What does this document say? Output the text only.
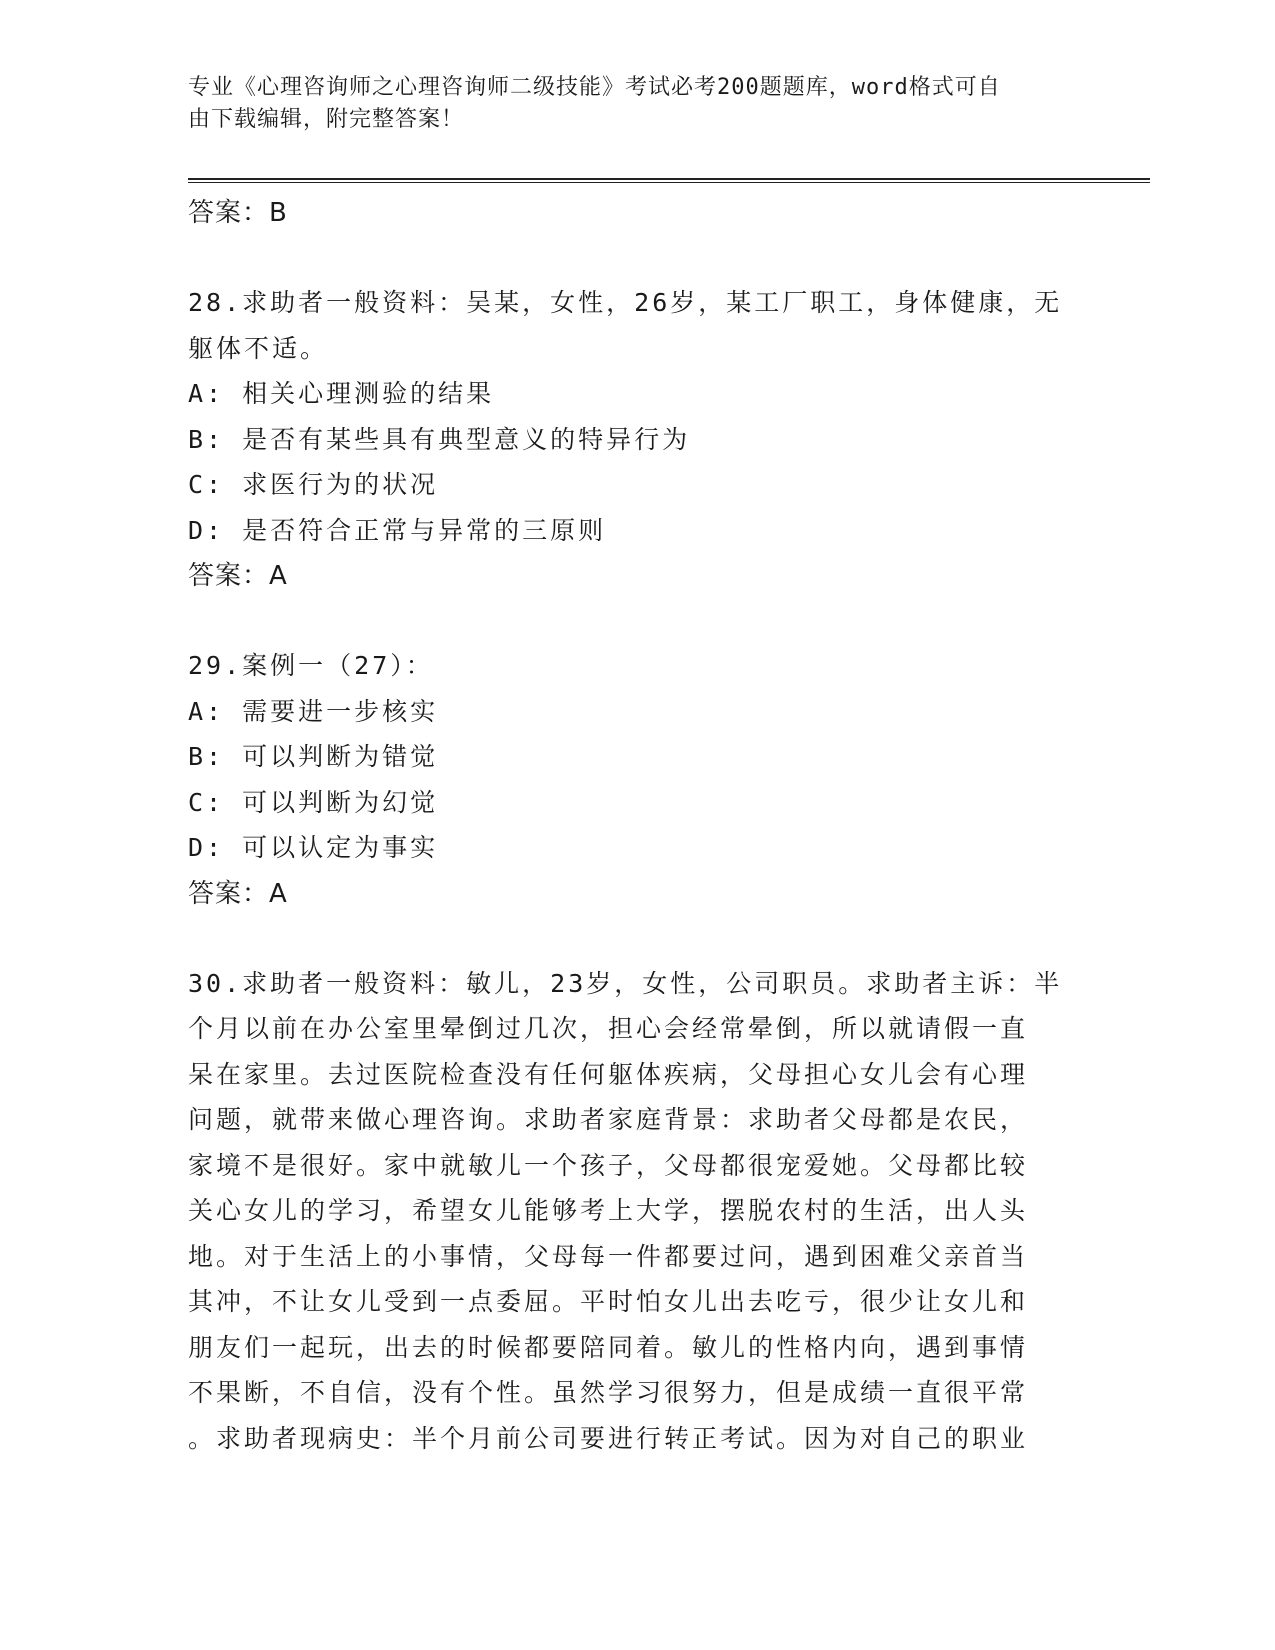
专业《心理咨询师之心理咨询师二级技能》考试必考200题题库，word格式可自
由下载编辑，附完整答案！
答案：B
28.求助者一般资料：吴某，女性，26岁，某工厂职工，身体健康，无
躯体不适。
A: 相关心理测验的结果
B: 是否有某些具有典型意义的特异行为
C: 求医行为的状况
D: 是否符合正常与异常的三原则
答案：A
29.案例一（27）：
A: 需要进一步核实
B: 可以判断为错觉
C: 可以判断为幻觉
D: 可以认定为事实
答案：A
30.求助者一般资料：敏儿，23岁，女性，公司职员。求助者主诉：半
个月以前在办公室里晕倒过几次，担心会经常晕倒，所以就请假一直
呆在家里。去过医院检查没有任何躯体疾病，父母担心女儿会有心理
问题，就带来做心理咨询。求助者家庭背景：求助者父母都是农民，
家境不是很好。家中就敏儿一个孩子，父母都很宠爱她。父母都比较
关心女儿的学习，希望女儿能够考上大学，摆脱农村的生活，出人头
地。对于生活上的小事情，父母每一件都要过问，遇到困难父亲首当
其冲，不让女儿受到一点委屈。平时怕女儿出去吃亏，很少让女儿和
朋友们一起玩，出去的时候都要陪同着。敏儿的性格内向，遇到事情
不果断，不自信，没有个性。虽然学习很努力，但是成绩一直很平常
。求助者现病史：半个月前公司要进行转正考试。因为对自己的职业
